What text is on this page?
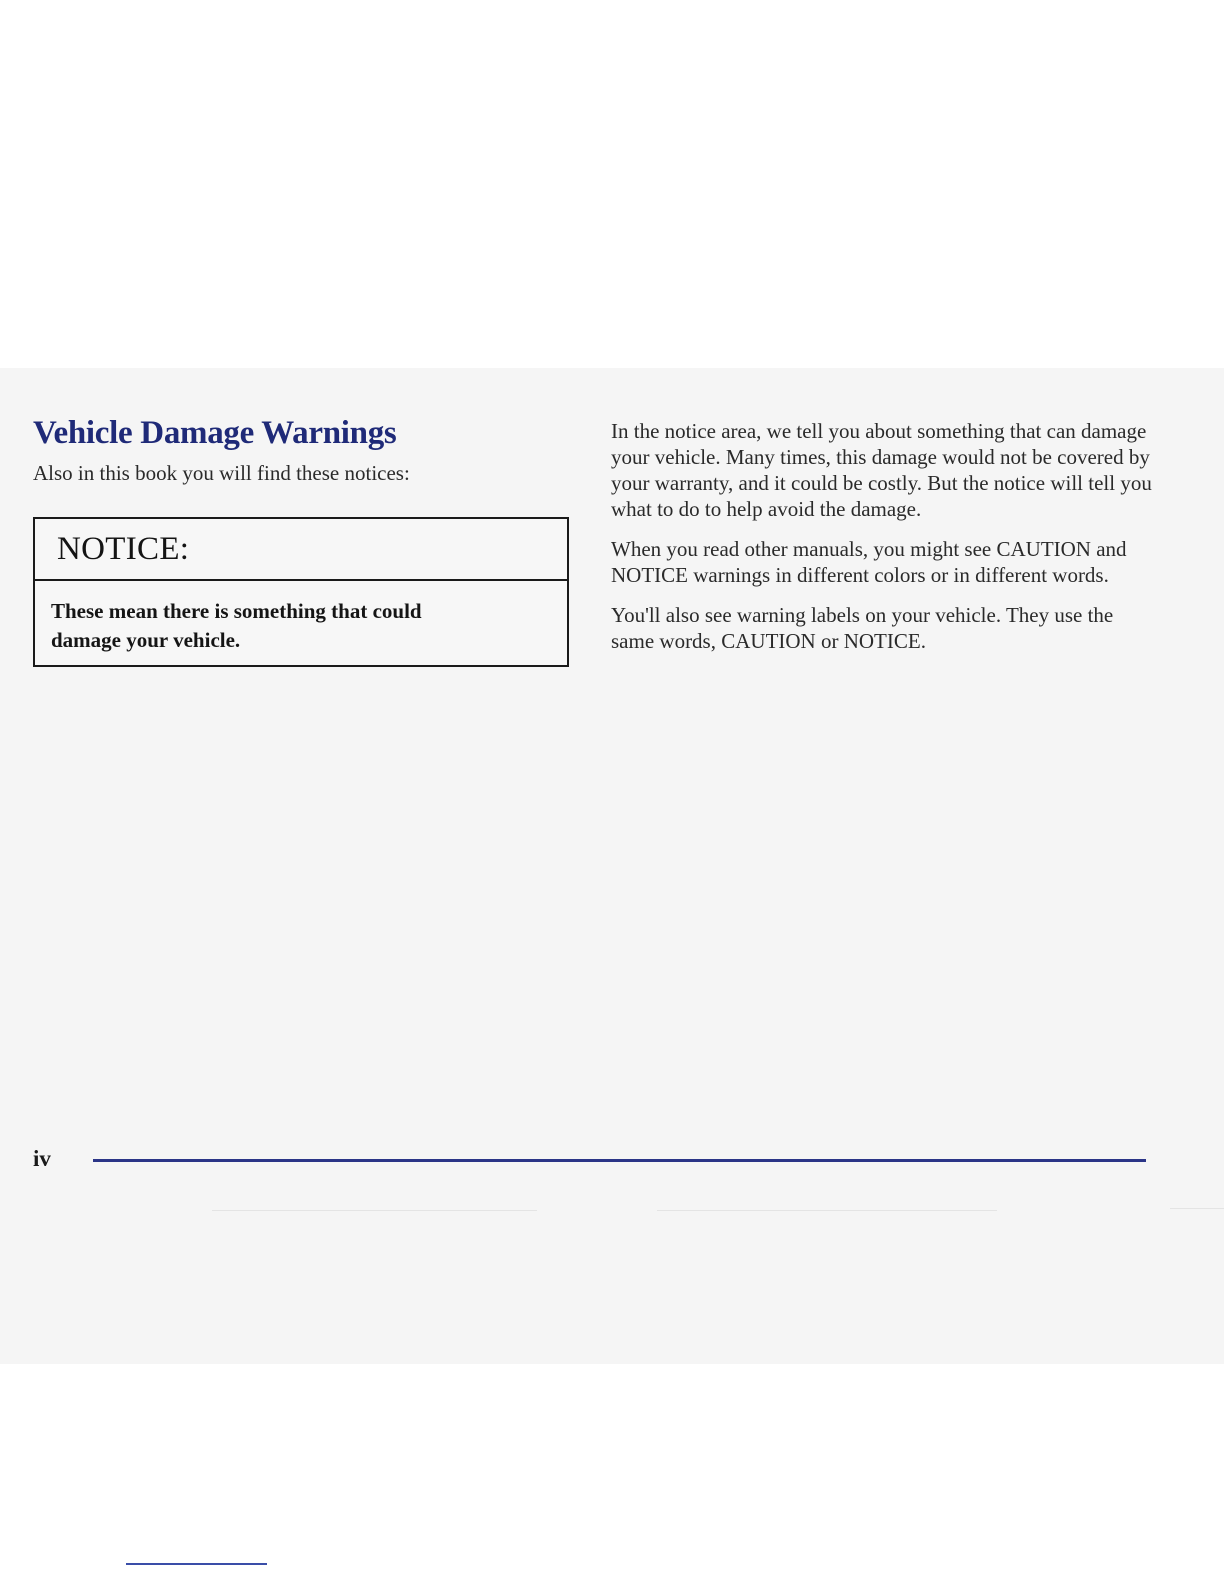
Vehicle Damage Warnings

Also in this book you will find these notices:

NOTICE:
These mean there is something that could
damage your vehicle.

In the notice area, we tell you about something that can damage your vehicle. Many times, this damage would not be covered by your warranty, and it could be costly. But the notice will tell you what to do to help avoid the damage.

When you read other manuals, you might see CAUTION and NOTICE warnings in different colors or in different words.

You'll also see warning labels on your vehicle. They use the same words, CAUTION or NOTICE.

iv
